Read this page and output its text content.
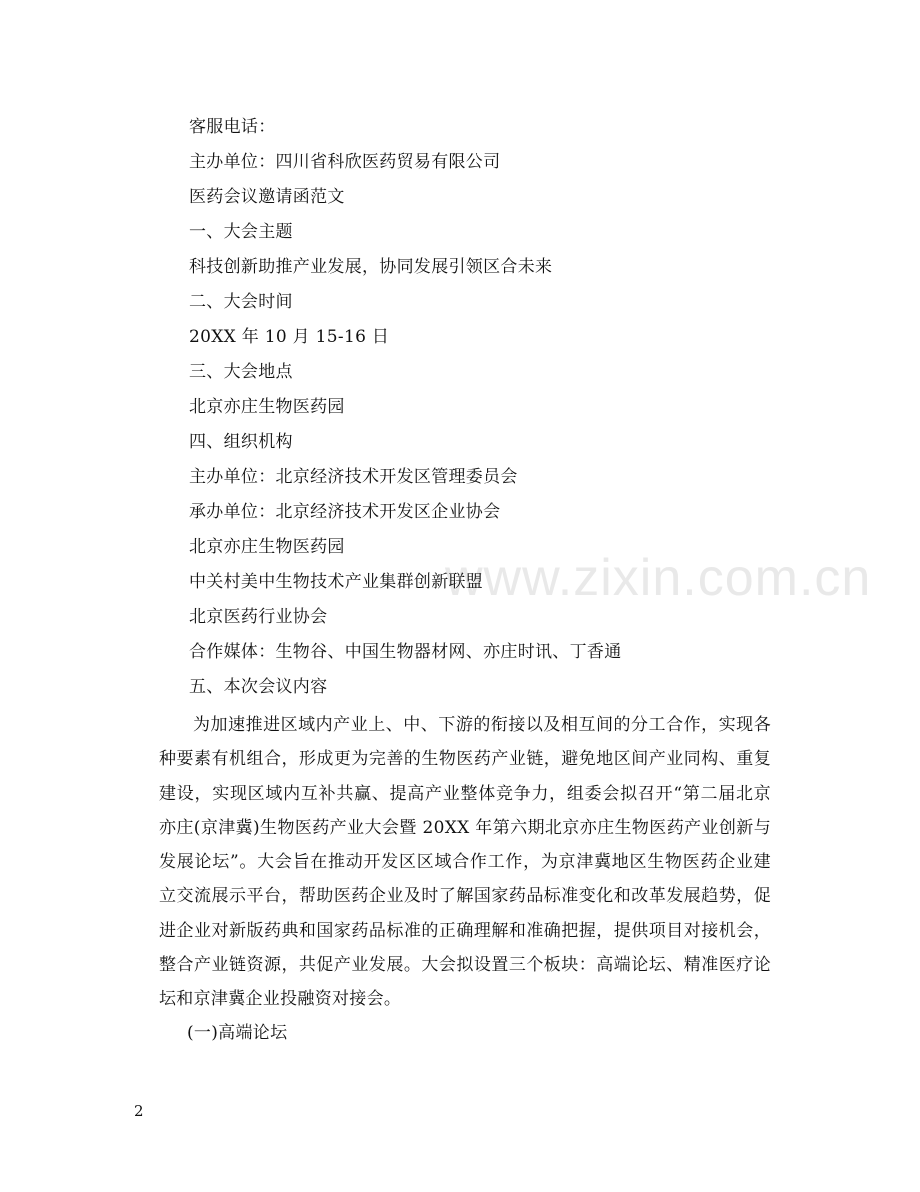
www.zixin.com.cn
客服电话：
主办单位：四川省科欣医药贸易有限公司
医药会议邀请函范文
一、大会主题
科技创新助推产业发展，协同发展引领区合未来
二、大会时间
20XX 年 10 月 15-16 日
三、大会地点
北京亦庄生物医药园
四、组织机构
主办单位：北京经济技术开发区管理委员会
承办单位：北京经济技术开发区企业协会
北京亦庄生物医药园
中关村美中生物技术产业集群创新联盟
北京医药行业协会
合作媒体：生物谷、中国生物器材网、亦庄时讯、丁香通
五、本次会议内容
为加速推进区域内产业上、中、下游的衔接以及相互间的分工合作，实现各种要素有机组合，形成更为完善的生物医药产业链，避免地区间产业同构、重复建设，实现区域内互补共赢、提高产业整体竞争力，组委会拟召开“第二届北京亦庄(京津冀)生物医药产业大会暨 20XX 年第六期北京亦庄生物医药产业创新与发展论坛”。大会旨在推动开发区区域合作工作，为京津冀地区生物医药企业建立交流展示平台，帮助医药企业及时了解国家药品标准变化和改革发展趋势，促进企业对新版药典和国家药品标准的正确理解和准确把握，提供项目对接机会，整合产业链资源，共促产业发展。大会拟设置三个板块：高端论坛、精准医疗论坛和京津冀企业投融资对接会。
(一)高端论坛
2
